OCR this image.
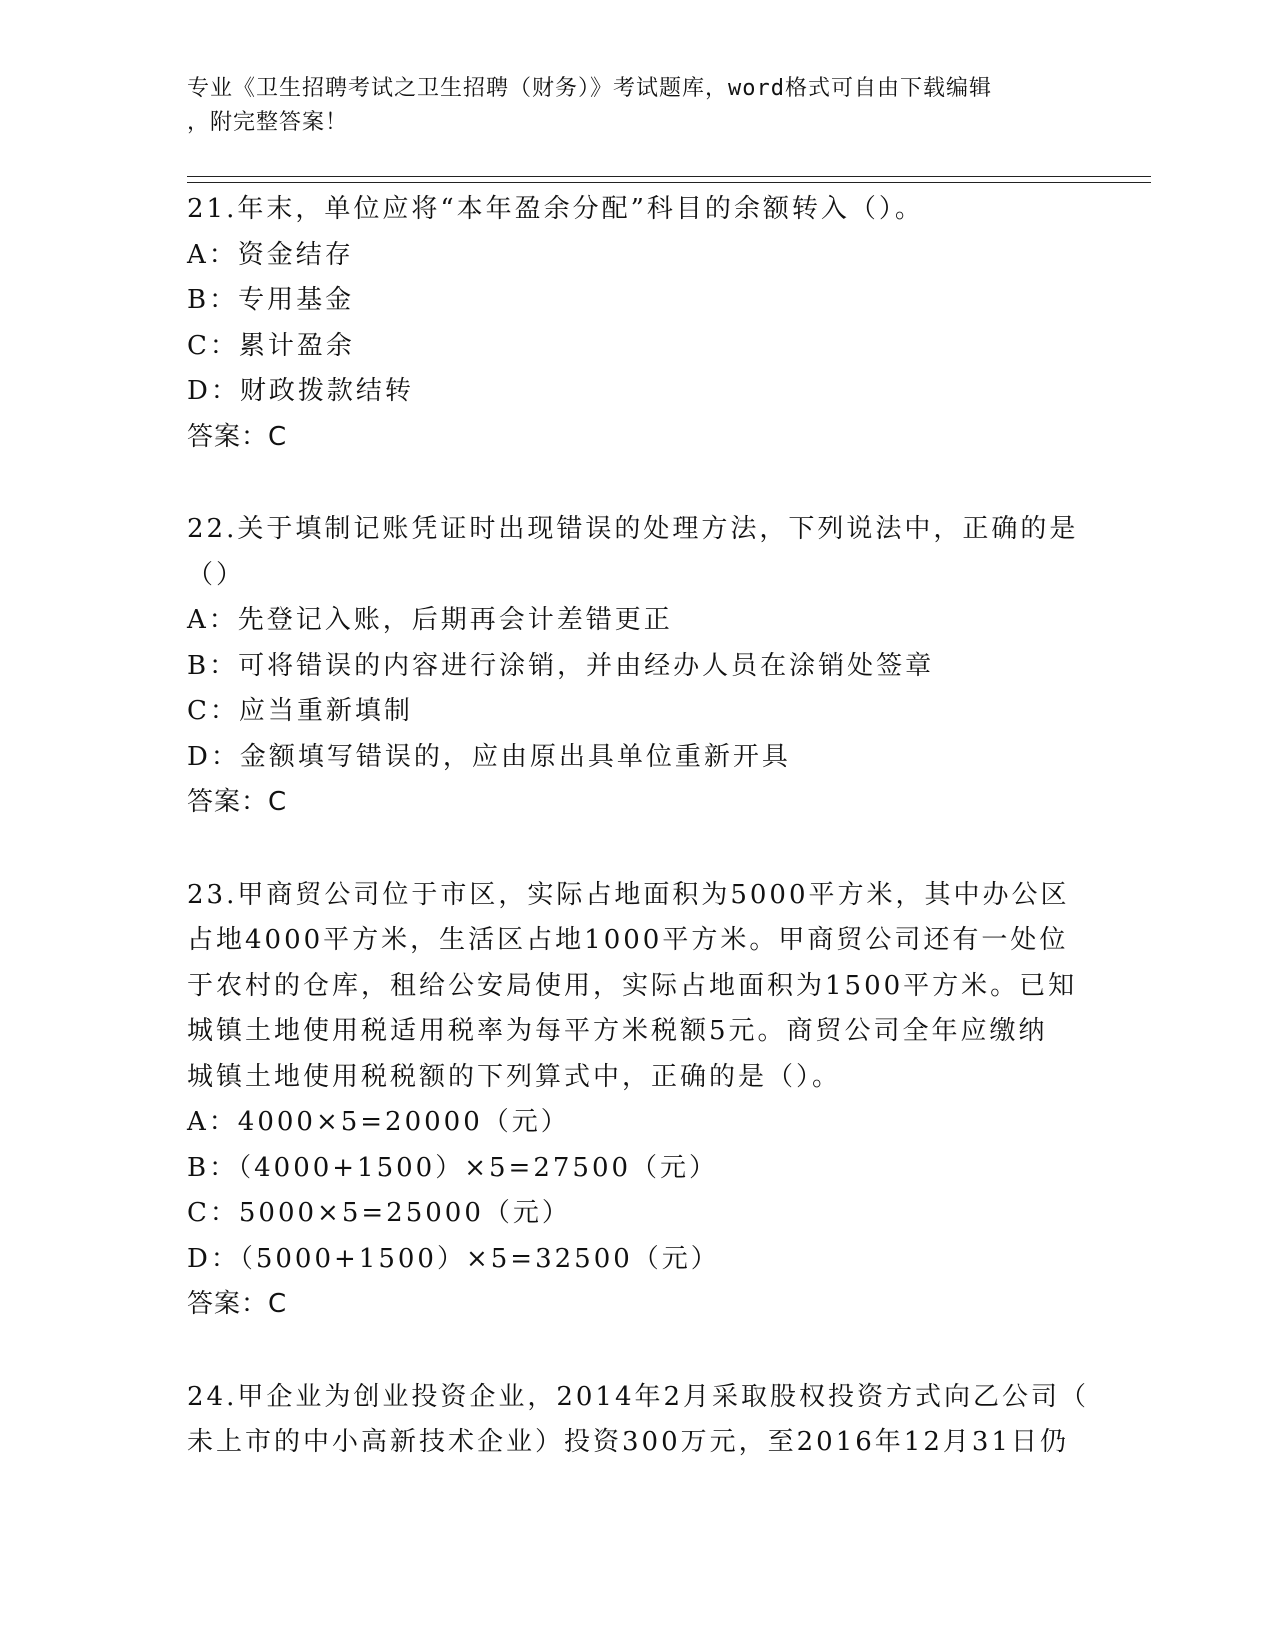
专业《卫生招聘考试之卫生招聘（财务）》考试题库，word格式可自由下载编辑
，附完整答案！
21.年末，单位应将“本年盈余分配”科目的余额转入（）。
A：资金结存
B：专用基金
C：累计盈余
D：财政拨款结转
答案：C
22.关于填制记账凭证时出现错误的处理方法，下列说法中，正确的是
（）
A：先登记入账，后期再会计差错更正
B：可将错误的内容进行涂销，并由经办人员在涂销处签章
C：应当重新填制
D：金额填写错误的，应由原出具单位重新开具
答案：C
23.甲商贸公司位于市区，实际占地面积为5000平方米，其中办公区
占地4000平方米，生活区占地1000平方米。甲商贸公司还有一处位
于农村的仓库，租给公安局使用，实际占地面积为1500平方米。已知
城镇土地使用税适用税率为每平方米税额5元。商贸公司全年应缴纳
城镇土地使用税税额的下列算式中，正确的是（）。
A：4000×5=20000（元）
B：（4000+1500）×5=27500（元）
C：5000×5=25000（元）
D：（5000+1500）×5=32500（元）
答案：C
24.甲企业为创业投资企业，2014年2月采取股权投资方式向乙公司（
未上市的中小高新技术企业）投资300万元，至2016年12月31日仍
